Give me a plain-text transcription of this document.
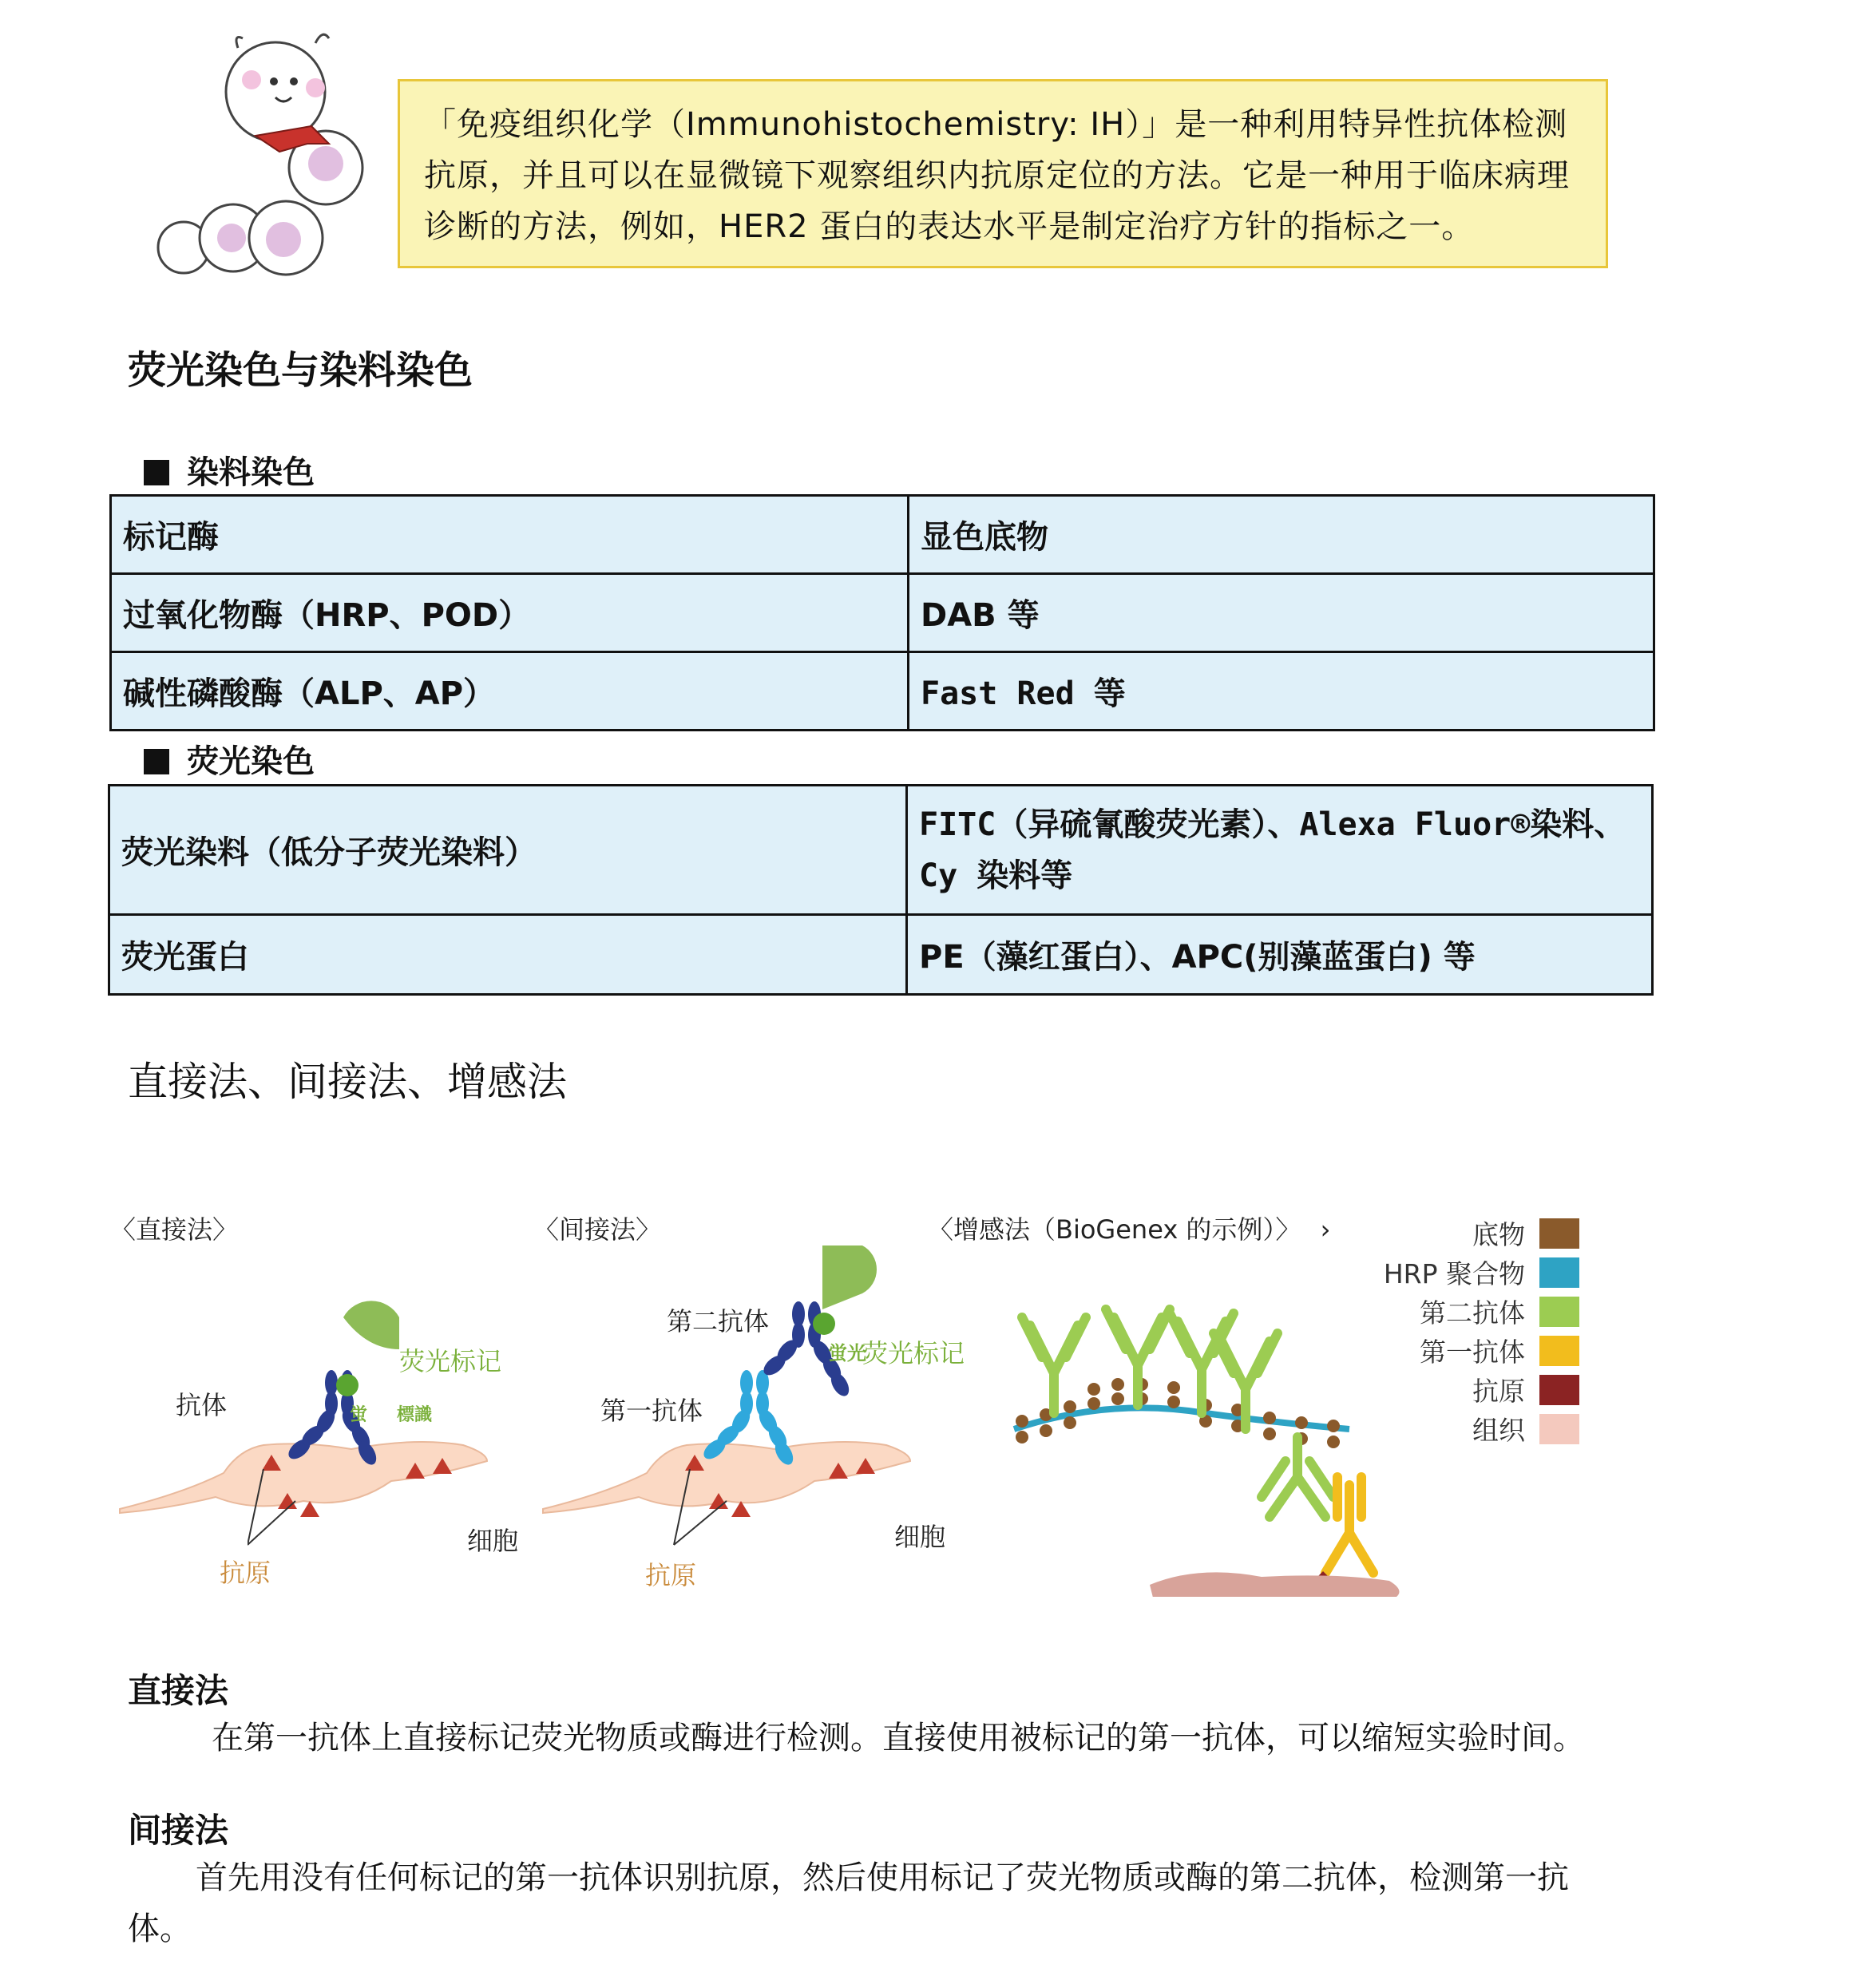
「免疫组织化学（Immunohistochemistry: IH）」是一种利用特异性抗体检测抗原，并且可以在显微镜下观察组织内抗原定位的方法。它是一种用于临床病理诊断的方法，例如，HER2 蛋白的表达水平是制定治疗方针的指标之一。

荧光染色与染料染色
染料染色
标记酶	显色底物
过氧化物酶（HRP、POD）	DAB 等
碱性磷酸酶（ALP、AP）	Fast Red 等
荧光染色
荧光染料（低分子荧光染料）	FITC（异硫氰酸荧光素）、Alexa Fluor®染料、Cy 染料等
荧光蛋白	PE（藻红蛋白）、APC(别藻蓝蛋白) 等
直接法、间接法、增感法
〈直接法〉	〈间接法〉	〈增感法（BioGenex 的示例）〉 ›
荧光标记
抗体	蛍 標識
抗原
细胞
第二抗体
蛍光
荧光标记
第一抗体
抗原
细胞
底物
HRP 聚合物
第二抗体
第一抗体
抗原
组织
直接法
在第一抗体上直接标记荧光物质或酶进行检测。直接使用被标记的第一抗体，可以缩短实验时间。
间接法
首先用没有任何标记的第一抗体识别抗原，然后使用标记了荧光物质或酶的第二抗体，检测第一抗
体。
